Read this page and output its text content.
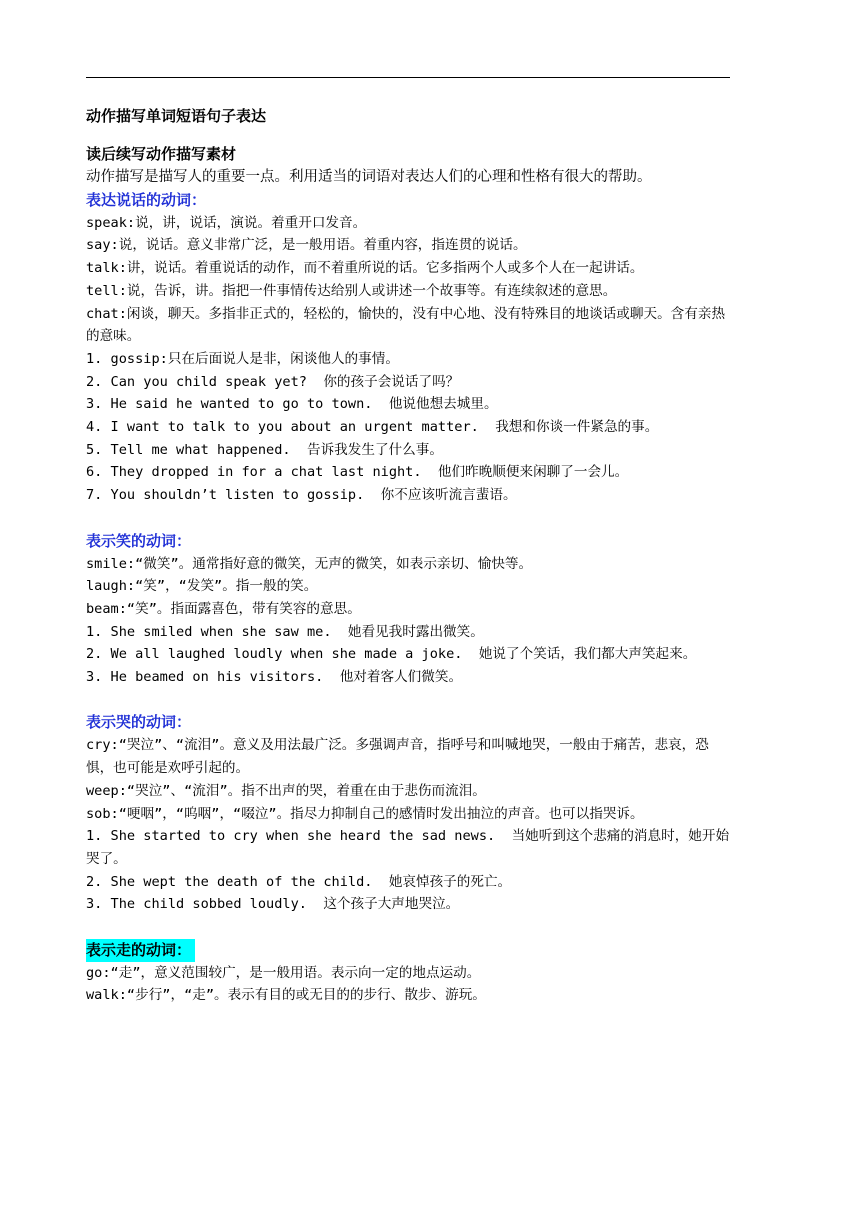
动作描写单词短语句子表达
读后续写动作描写素材
动作描写是描写人的重要一点。利用适当的词语对表达人们的心理和性格有很大的帮助。
表达说话的动词：
speak:说，讲，说话，演说。着重开口发音。
say:说，说话。意义非常广泛，是一般用语。着重内容，指连贯的说话。
talk:讲，说话。着重说话的动作，而不着重所说的话。它多指两个人或多个人在一起讲话。
tell:说，告诉，讲。指把一件事情传达给别人或讲述一个故事等。有连续叙述的意思。
chat:闲谈，聊天。多指非正式的，轻松的，愉快的，没有中心地、没有特殊目的地谈话或聊天。含有亲热的意味。
1. gossip:只在后面说人是非，闲谈他人的事情。
2. Can you child speak yet?  你的孩子会说话了吗？
3. He said he wanted to go to town.  他说他想去城里。
4. I want to talk to you about an urgent matter.  我想和你谈一件紧急的事。
5. Tell me what happened.  告诉我发生了什么事。
6. They dropped in for a chat last night.  他们昨晚顺便来闲聊了一会儿。
7. You shouldn’t listen to gossip.  你不应该听流言蜚语。
表示笑的动词：
smile:“微笑”。通常指好意的微笑，无声的微笑，如表示亲切、愉快等。
laugh:“笑”，“发笑”。指一般的笑。
beam:“笑”。指面露喜色，带有笑容的意思。
1. She smiled when she saw me.  她看见我时露出微笑。
2. We all laughed loudly when she made a joke.  她说了个笑话，我们都大声笑起来。
3. He beamed on his visitors.  他对着客人们微笑。
表示哭的动词：
cry:“哭泣”、“流泪”。意义及用法最广泛。多强调声音，指呼号和叫喊地哭，一般由于痛苦，悲哀，恐惧，也可能是欢呼引起的。
weep:“哭泣”、“流泪”。指不出声的哭，着重在由于悲伤而流泪。
sob:“哽咽”，“呜咽”，“啜泣”。指尽力抑制自己的感情时发出抽泣的声音。也可以指哭诉。
1. She started to cry when she heard the sad news.  当她听到这个悲痛的消息时，她开始哭了。
2. She wept the death of the child.  她哀悼孩子的死亡。
3. The child sobbed loudly.  这个孩子大声地哭泣。
表示走的动词：
go:“走”，意义范围较广，是一般用语。表示向一定的地点运动。
walk:“步行”，“走”。表示有目的或无目的的步行、散步、游玩。
